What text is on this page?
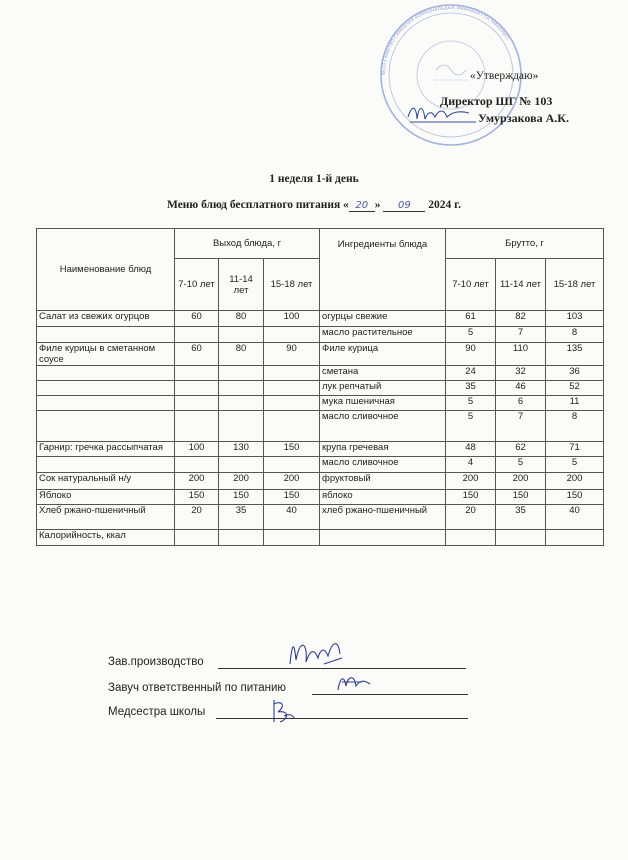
№103 мектеп-гимназия коммунальдық мемлекеттік мекемесі
«Утверждаю»
Директор ШГ № 103
Умурзакова А.К.
1 неделя 1-й день
Меню блюд бесплатного питания « 20 » 09 2024 г.
Наименование блюд	Выход блюда, г			Ингредиенты блюда	Брутто, г		
	7-10 лет	11-14 лет	15-18 лет		7-10 лет	11-14 лет	15-18 лет
Салат из свежих огурцов	60	80	100	огурцы свежие	61	82	103
				масло растительное	5	7	8
Филе курицы в сметанном соусе	60	80	90	Филе курица	90	110	135
				сметана	24	32	36
				лук репчатый	35	46	52
				мука пшеничная	5	6	11
				масло сливочное	5	7	8
Гарнир: гречка рассыпчатая	100	130	150	крупа гречевая	48	62	71
				масло сливочное	4	5	5
Сок натуральный н/у	200	200	200	фруктовый	200	200	200
Яблоко	150	150	150	яблоко	150	150	150
Хлеб ржано-пшеничный	20	35	40	хлеб ржано-пшеничный	20	35	40
Калорийность, ккал							
Зав.производство
Завуч ответственный по питанию
Медсестра школы
